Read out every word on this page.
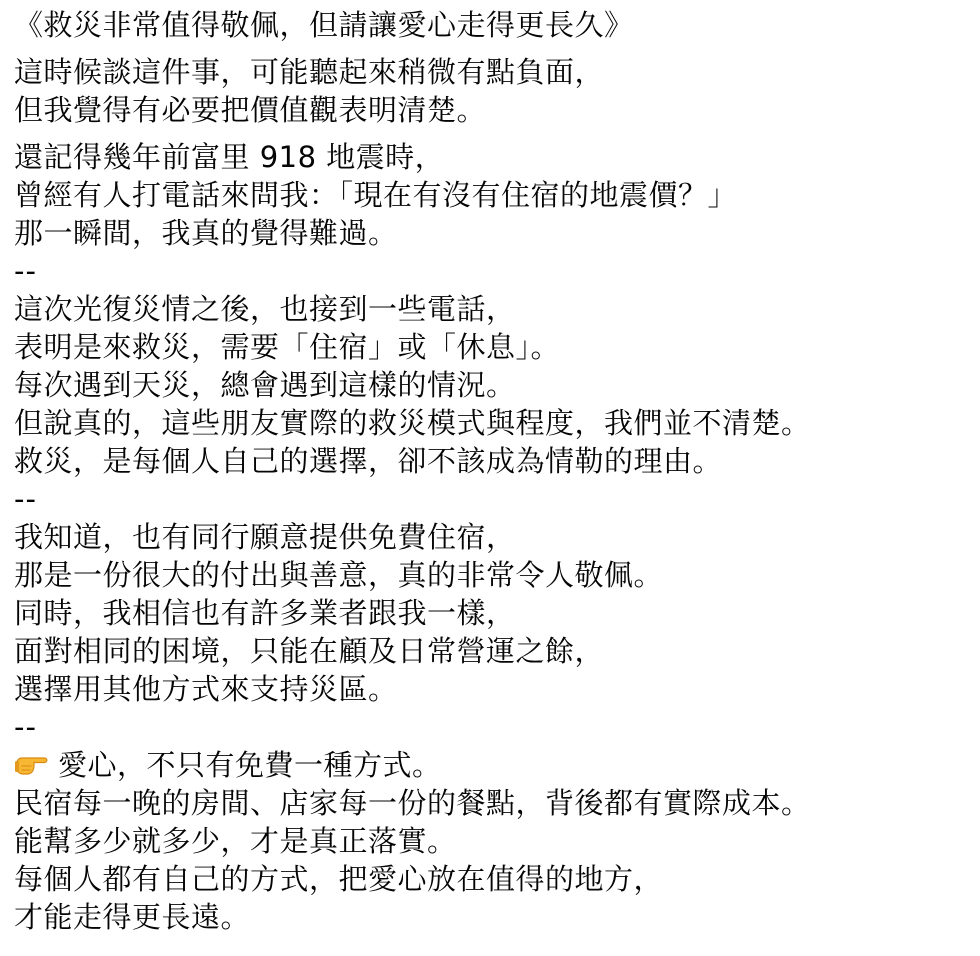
《救災非常值得敬佩，但請讓愛心走得更長久》
這時候談這件事，可能聽起來稍微有點負面，
但我覺得有必要把價值觀表明清楚。
還記得幾年前富里 918 地震時，
曾經有人打電話來問我：「現在有沒有住宿的地震價？」
那一瞬間，我真的覺得難過。
--
這次光復災情之後，也接到一些電話，
表明是來救災，需要「住宿」或「休息」。
每次遇到天災，總會遇到這樣的情況。
但說真的，這些朋友實際的救災模式與程度，我們並不清楚。
救災，是每個人自己的選擇，卻不該成為情勒的理由。
--
我知道，也有同行願意提供免費住宿，
那是一份很大的付出與善意，真的非常令人敬佩。
同時，我相信也有許多業者跟我一樣，
面對相同的困境，只能在顧及日常營運之餘，
選擇用其他方式來支持災區。
--
愛心，不只有免費一種方式。
民宿每一晚的房間、店家每一份的餐點，背後都有實際成本。
能幫多少就多少，才是真正落實。
每個人都有自己的方式，把愛心放在值得的地方，
才能走得更長遠。
